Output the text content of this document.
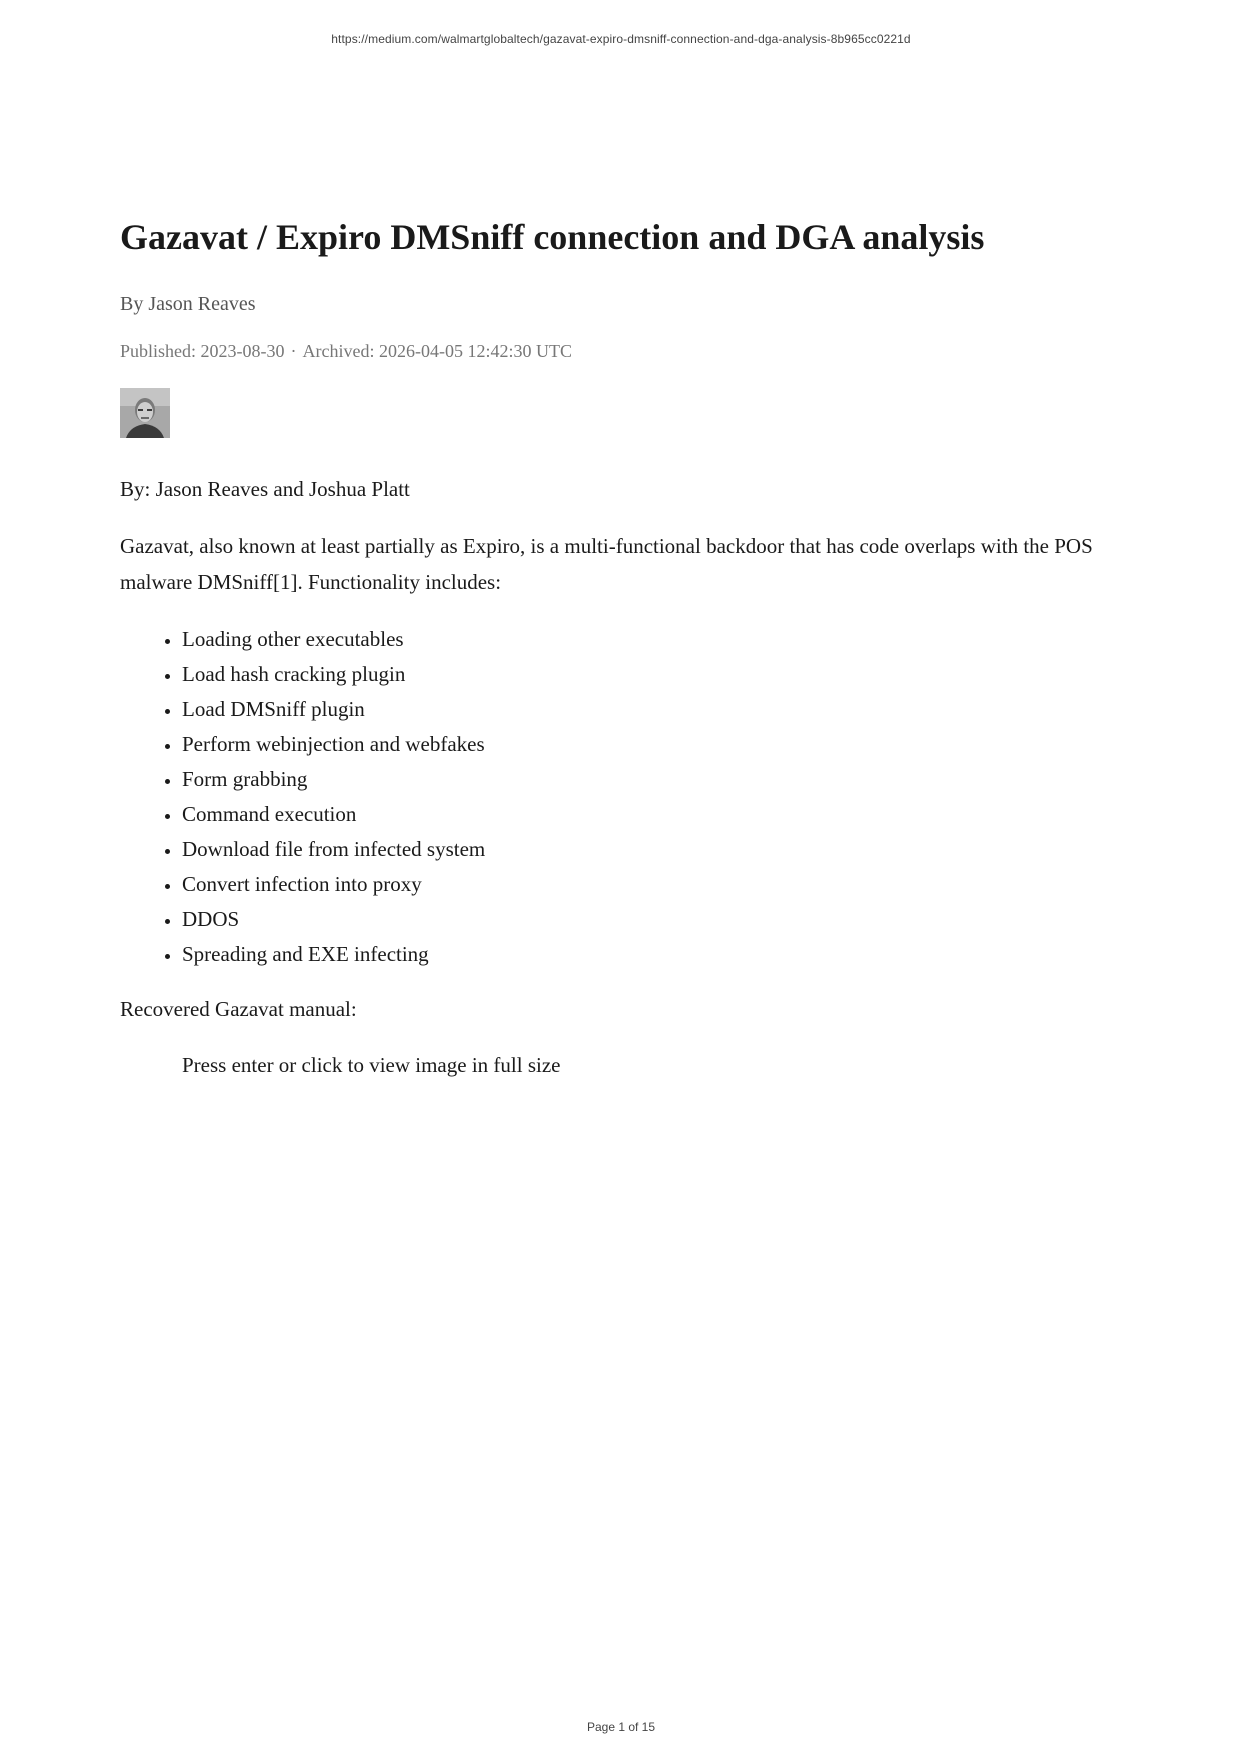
https://medium.com/walmartglobaltech/gazavat-expiro-dmsniff-connection-and-dga-analysis-8b965cc0221d
Gazavat / Expiro DMSniff connection and DGA analysis
By Jason Reaves
Published: 2023-08-30 · Archived: 2026-04-05 12:42:30 UTC
By: Jason Reaves and Joshua Platt

Gazavat, also known at least partially as Expiro, is a multi-functional backdoor that has code overlaps with the POS malware DMSniff[1]. Functionality includes:

• Loading other executables
• Load hash cracking plugin
• Load DMSniff plugin
• Perform webinjection and webfakes
• Form grabbing
• Command execution
• Download file from infected system
• Convert infection into proxy
• DDOS
• Spreading and EXE infecting
Recovered Gazavat manual:
Press enter or click to view image in full size
Page 1 of 15
